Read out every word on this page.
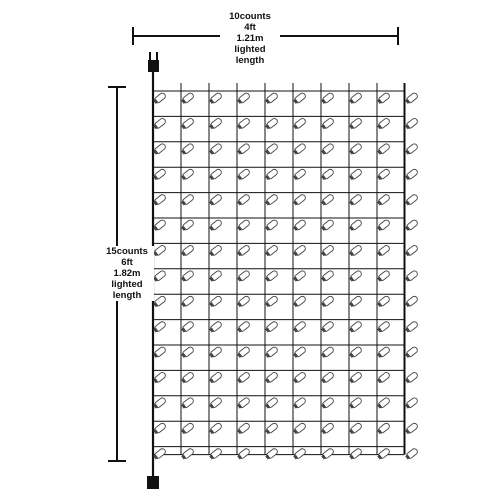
10counts
4ft
1.21m
lighted
length
15counts
6ft
1.82m
lighted
length
